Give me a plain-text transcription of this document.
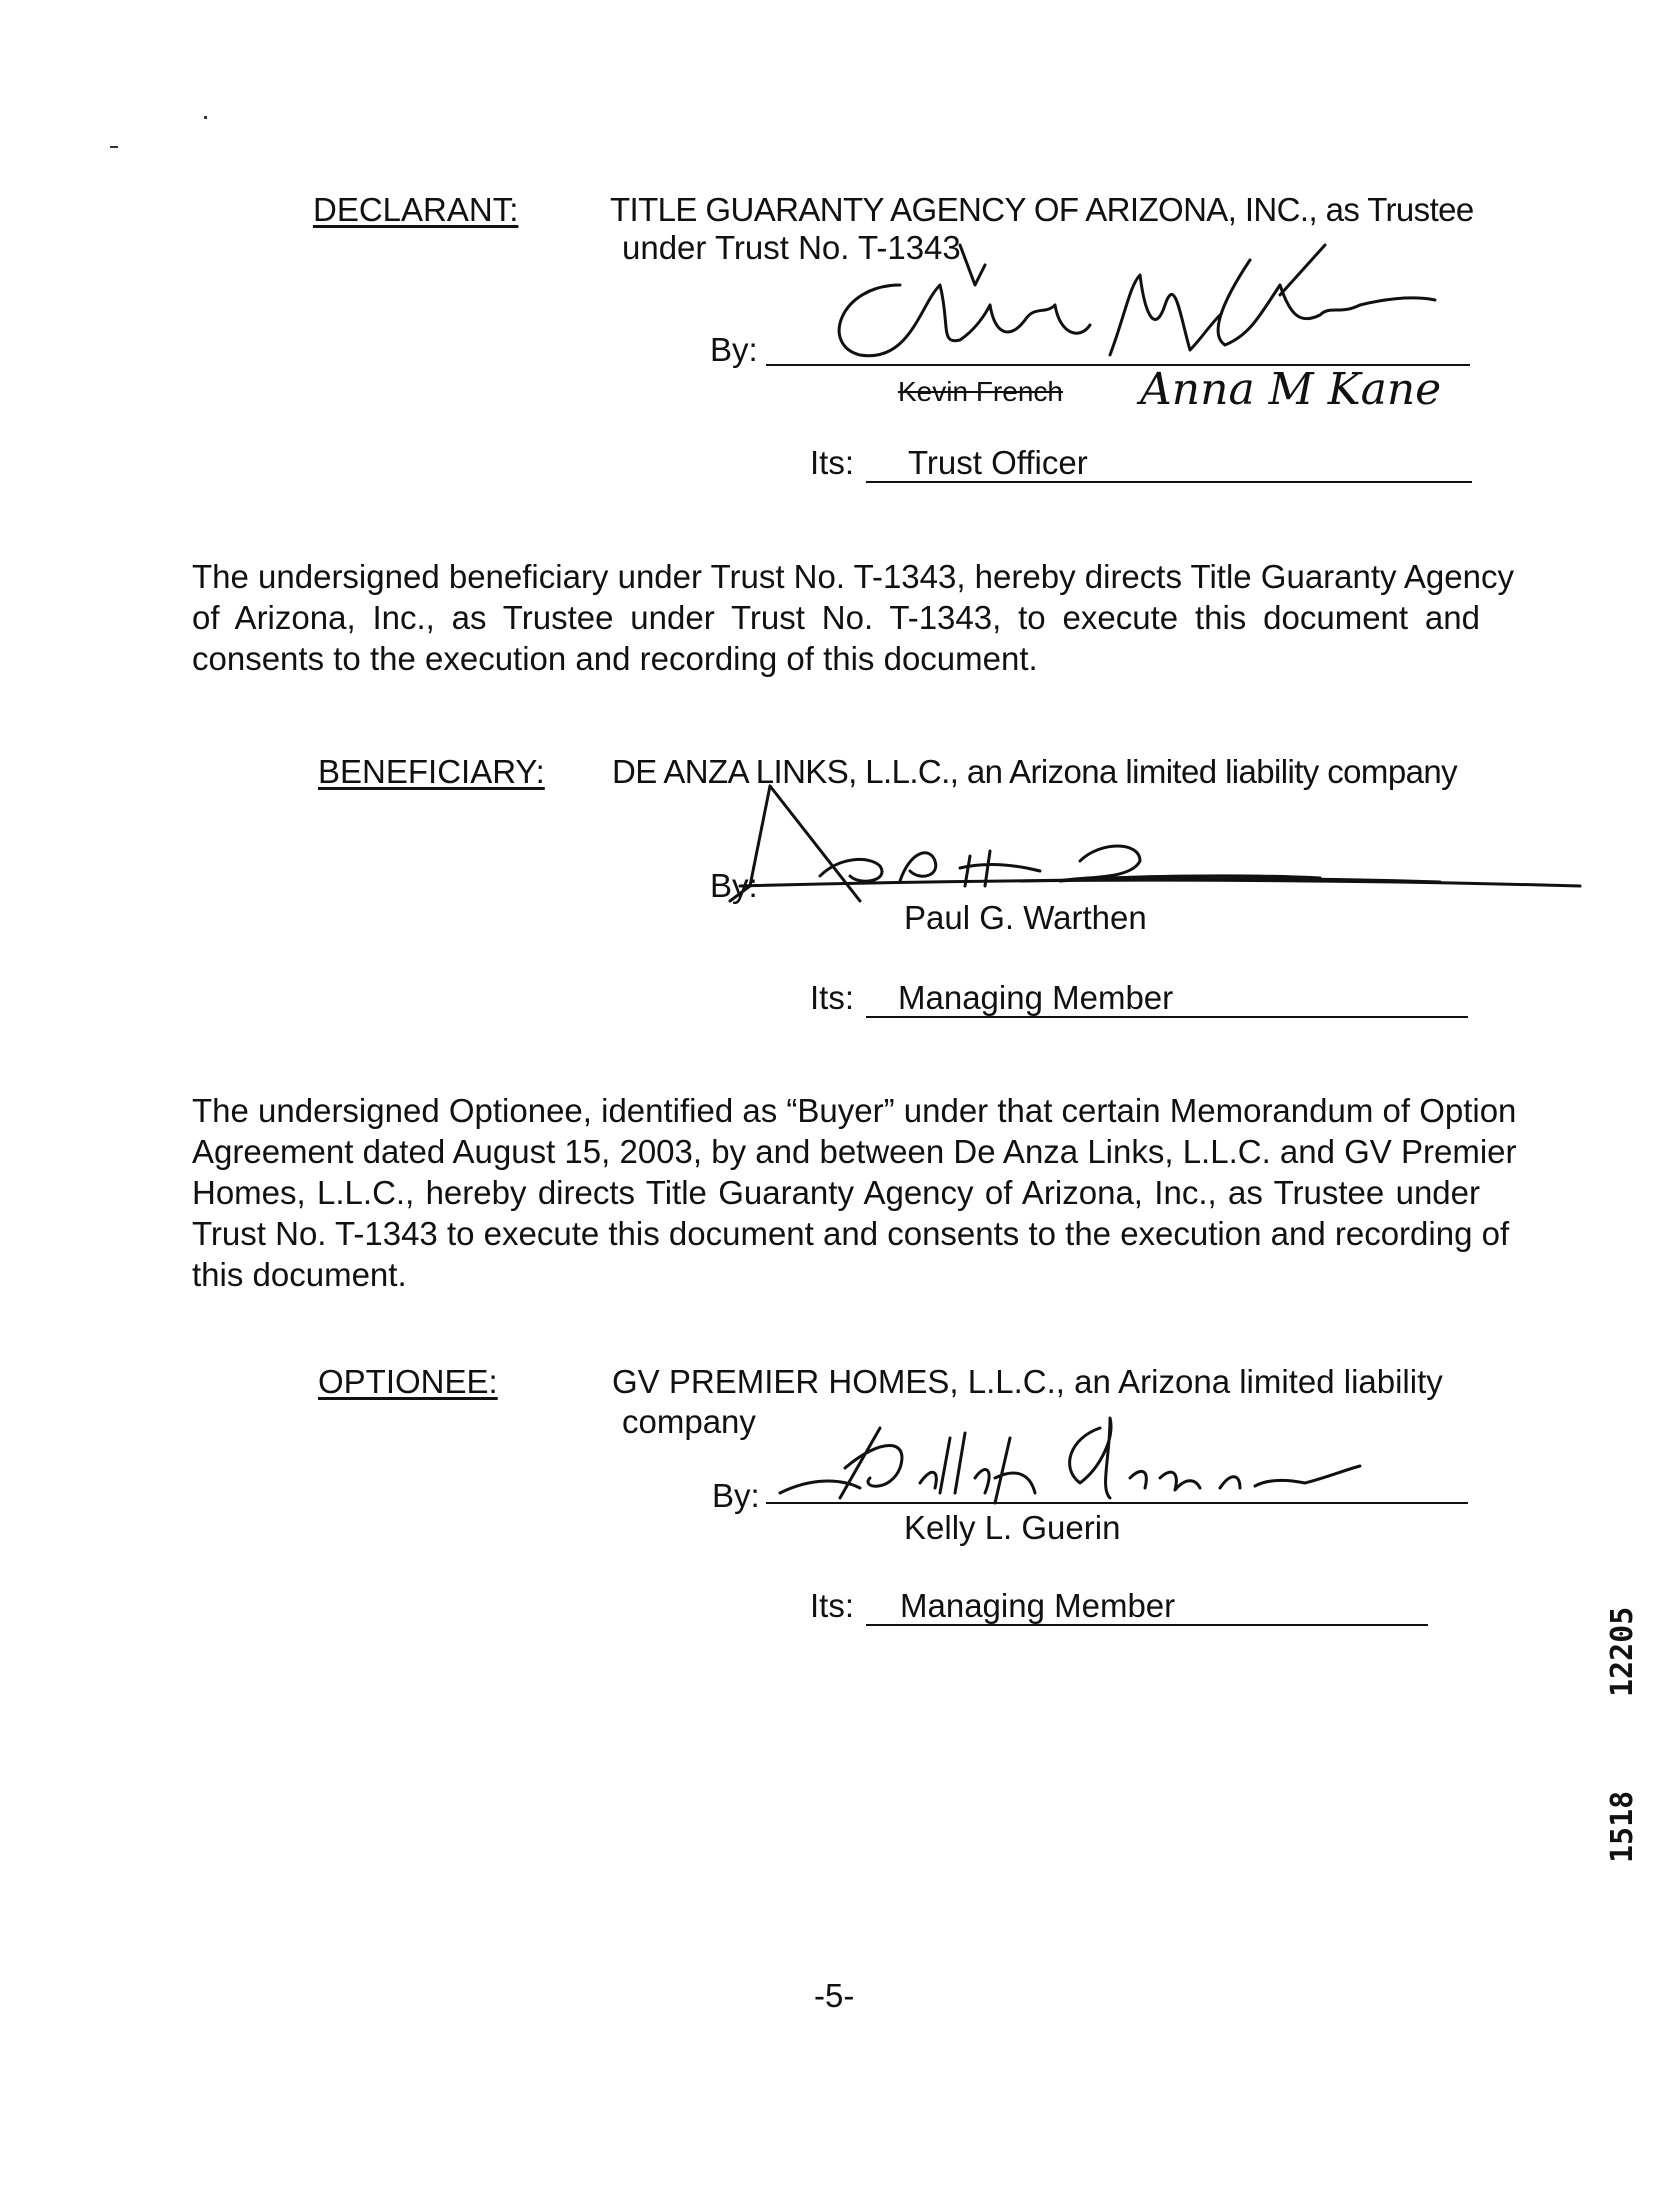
DECLARANT:	TITLE GUARANTY AGENCY OF ARIZONA, INC., as Trustee
under Trust No. T-1343
By:
Kevin French Anna M Kane
Its: Trust Officer
The undersigned beneficiary under Trust No. T-1343, hereby directs Title Guaranty Agency
of Arizona, Inc., as Trustee under Trust No. T-1343, to execute this document and
consents to the execution and recording of this document.
BENEFICIARY: DE ANZA LINKS, L.L.C., an Arizona limited liability company
By:
Paul G. Warthen
Its: Managing Member
The undersigned Optionee, identified as “Buyer” under that certain Memorandum of Option
Agreement dated August 15, 2003, by and between De Anza Links, L.L.C. and GV Premier
Homes, L.L.C., hereby directs Title Guaranty Agency of Arizona, Inc., as Trustee under
Trust No. T-1343 to execute this document and consents to the execution and recording of
this document.
OPTIONEE:	GV PREMIER HOMES, L.L.C., an Arizona limited liability
company
By:
Kelly L. Guerin
Its: Managing Member
12205
1518
-5-
